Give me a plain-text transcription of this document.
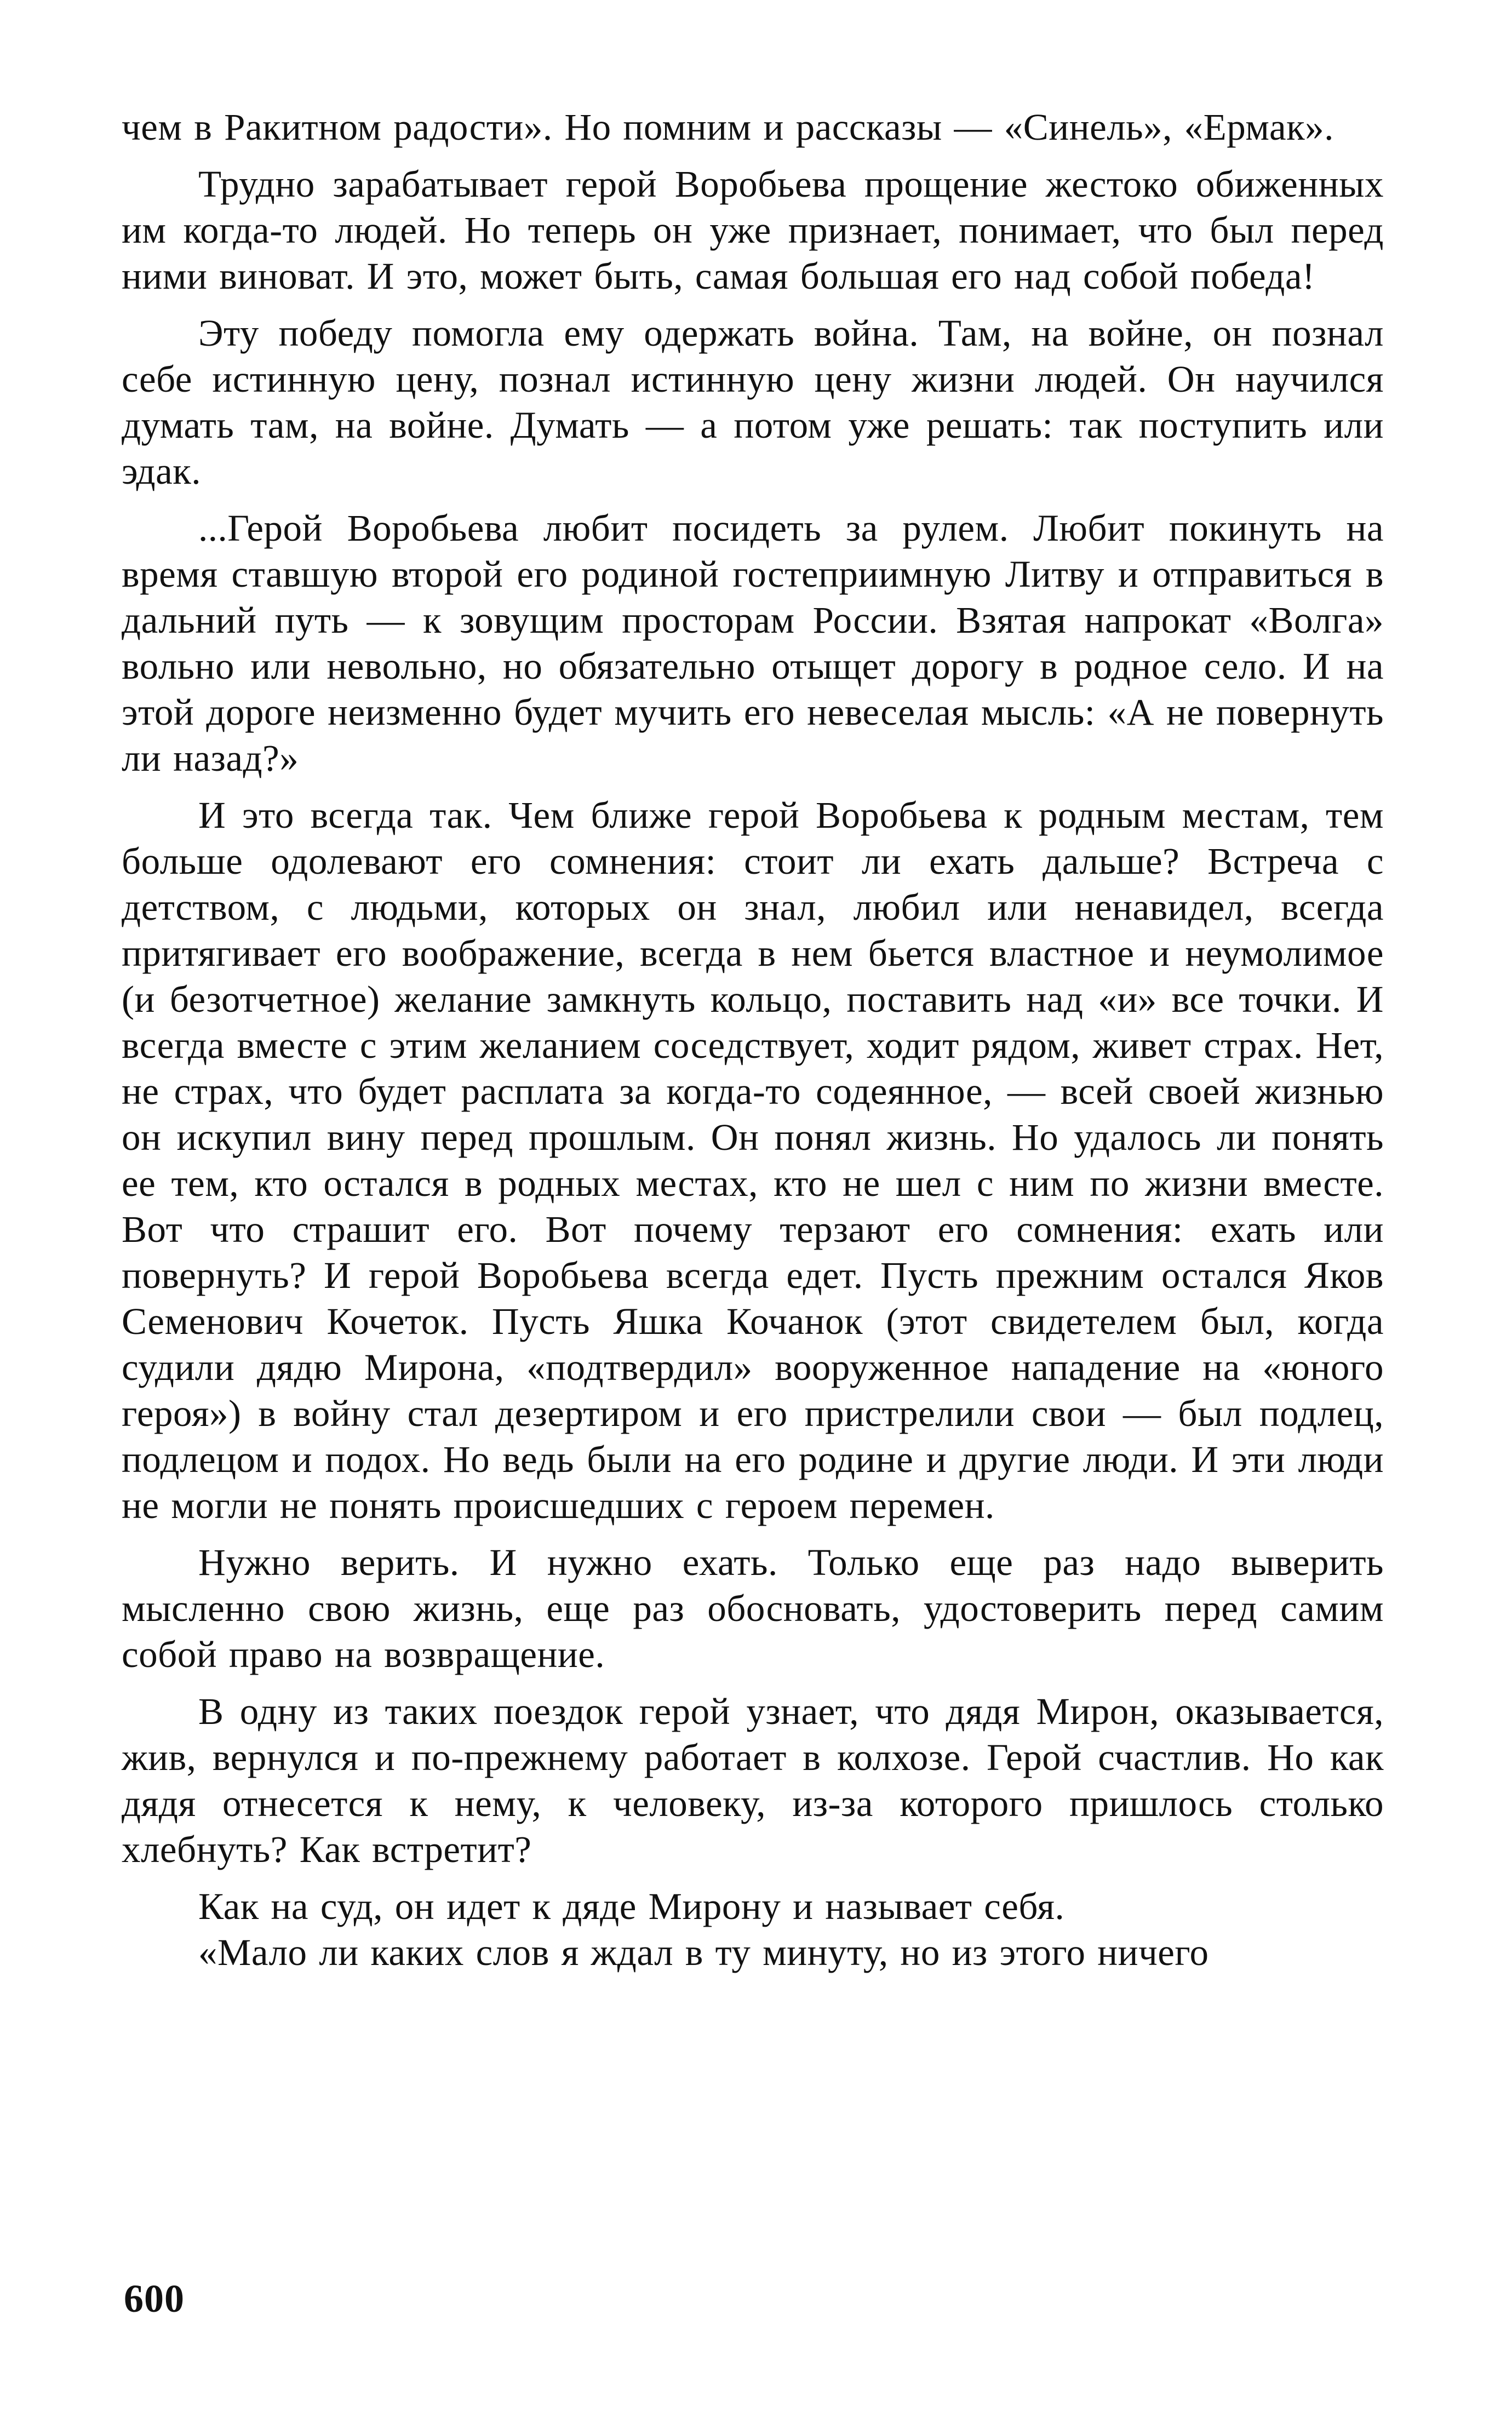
чем в Ракитном радости». Но помним и рассказы — «Синель», «Ермак».

Трудно зарабатывает герой Воробьева прощение жестоко обиженных им когда-то людей. Но теперь он уже признает, понимает, что был перед ними виноват. И это, может быть, самая большая его над собой победа!

Эту победу помогла ему одержать война. Там, на войне, он познал себе истинную цену, познал истинную цену жизни людей. Он научился думать там, на войне. Думать — а потом уже решать: так поступить или эдак.

...Герой Воробьева любит посидеть за рулем. Любит покинуть на время ставшую второй его родиной гостеприимную Литву и отправиться в дальний путь — к зовущим просторам России. Взятая напрокат «Волга» вольно или невольно, но обязательно отыщет дорогу в родное село. И на этой дороге неизменно будет мучить его невеселая мысль: «А не повернуть ли назад?»

И это всегда так. Чем ближе герой Воробьева к родным местам, тем больше одолевают его сомнения: стоит ли ехать дальше? Встреча с детством, с людьми, которых он знал, любил или ненавидел, всегда притягивает его воображение, всегда в нем бьется властное и неумолимое (и безотчетное) желание замкнуть кольцо, поставить над «и» все точки. И всегда вместе с этим желанием соседствует, ходит рядом, живет страх. Нет, не страх, что будет расплата за когда-то содеянное, — всей своей жизнью он искупил вину перед прошлым. Он понял жизнь. Но удалось ли понять ее тем, кто остался в родных местах, кто не шел с ним по жизни вместе. Вот что страшит его. Вот почему терзают его сомнения: ехать или повернуть? И герой Воробьева всегда едет. Пусть прежним остался Яков Семенович Кочеток. Пусть Яшка Кочанок (этот свидетелем был, когда судили дядю Мирона, «подтвердил» вооруженное нападение на «юного героя») в войну стал дезертиром и его пристрелили свои — был подлец, подлецом и подох. Но ведь были на его родине и другие люди. И эти люди не могли не понять происшедших с героем перемен.

Нужно верить. И нужно ехать. Только еще раз надо выверить мысленно свою жизнь, еще раз обосновать, удостоверить перед самим собой право на возвращение.

В одну из таких поездок герой узнает, что дядя Мирон, оказывается, жив, вернулся и по-прежнему работает в колхозе. Герой счастлив. Но как дядя отнесется к нему, к человеку, из-за которого пришлось столько хлебнуть? Как встретит?

Как на суд, он идет к дяде Мирону и называет себя.

«Мало ли каких слов я ждал в ту минуту, но из этого ничего

600
